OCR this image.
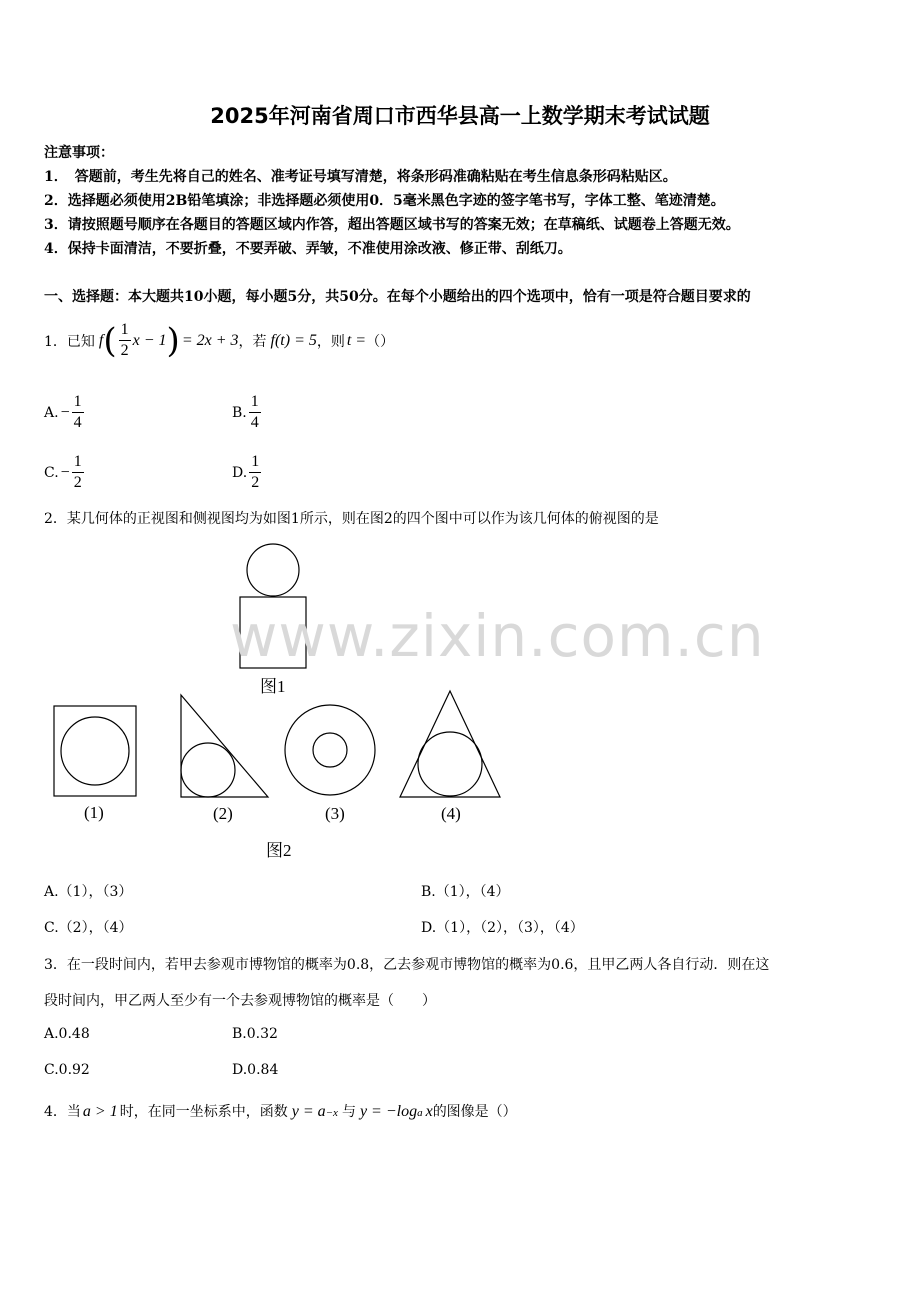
2025年河南省周口市西华县高一上数学期末考试试题
注意事项：
1．　答题前，考生先将自己的姓名、准考证号填写清楚，将条形码准确粘贴在考生信息条形码粘贴区。
2．选择题必须使用2B铅笔填涂；非选择题必须使用0．5毫米黑色字迹的签字笔书写，字体工整、笔迹清楚。
3．请按照题号顺序在各题目的答题区域内作答，超出答题区域书写的答案无效；在草稿纸、试题卷上答题无效。
4．保持卡面清洁，不要折叠，不要弄破、弄皱，不准使用涂改液、修正带、刮纸刀。
一、选择题：本大题共10小题，每小题5分，共50分。在每个小题给出的四个选项中，恰有一项是符合题目要求的
1．已知 f ( $\frac{1}{2}$ x − 1 ) = 2x + 3 ，若 f(t) = 5 ，则 t = （）
A. − $\frac{1}{4}$	B. $\frac{1}{4}$
C. − $\frac{1}{2}$	D. $\frac{1}{2}$
2．某几何体的正视图和侧视图均为如图1所示，则在图2的四个图中可以作为该几何体的俯视图的是
www.zixin.com.cn
图1
(1)	(2)	(3)	(4)
图2
A.（1），（3）	B.（1），（4）
C.（2），（4）	D.（1），（2），（3），（4）
3．在一段时间内，若甲去参观市博物馆的概率为0.8，乙去参观市博物馆的概率为0.6，且甲乙两人各自行动．则在这
段时间内，甲乙两人至少有一个去参观博物馆的概率是（　　）
A.0.48	B.0.32
C.0.92	D.0.84
4．当 a > 1 时，在同一坐标系中，函数 y = a −x 与 y = −log a x 的图像是（）
